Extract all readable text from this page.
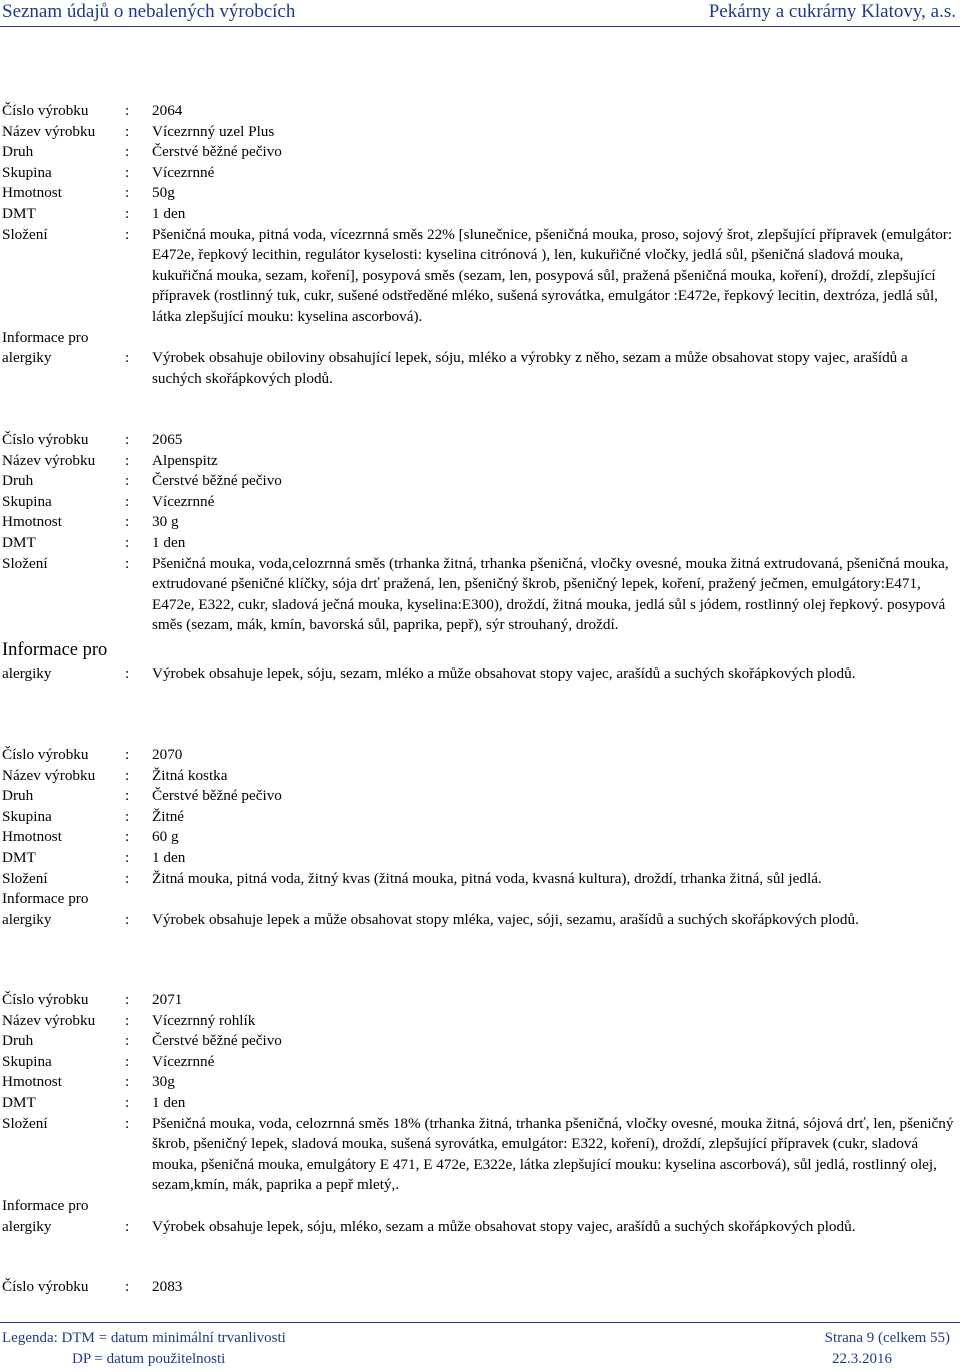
Seznam údajů o nebalených výrobcích	Pekárny a cukrárny Klatovy, a.s.
Číslo výrobku : 2064
Název výrobku : Vícezrnný uzel Plus
Druh	: Čerstvé běžné pečivo
Skupina	: Vícezrnné
Hmotnost	: 50g
DMT	: 1 den
Složení	: Pšeničná mouka, pitná voda, vícezrnná směs 22% [slunečnice, pšeničná mouka, proso, sojový šrot, zlepšující přípravek (emulgátor: E472e, řepkový lecithin, regulátor kyselosti: kyselina citrónová ), len, kukuřičné vločky, jedlá sůl, pšeničná sladová mouka, kukuřičná mouka, sezam, koření], posypová směs (sezam, len, posypová sůl, pražená pšeničná mouka, koření), droždí, zlepšující přípravek (rostlinný tuk, cukr, sušené odstředěné mléko, sušená syrovátka, emulgátor :E472e, řepkový lecitin, dextróza, jedlá sůl, látka zlepšující mouku: kyselina ascorbová).
Informace pro

alergiky	: Výrobek obsahuje obiloviny obsahující lepek, sóju, mléko a výrobky z něho, sezam a může obsahovat stopy vajec, arašídů a suchých skořápkových plodů.
Číslo výrobku : 2065
Název výrobku : Alpenspitz
Druh	: Čerstvé běžné pečivo
Skupina	: Vícezrnné
Hmotnost	: 30 g
DMT	: 1 den
Složení	: Pšeničná mouka, voda,celozrnná směs (trhanka žitná, trhanka pšeničná, vločky ovesné, mouka žitná extrudovaná, pšeničná mouka, extrudované pšeničné klíčky, sója drť pražená, len, pšeničný škrob, pšeničný lepek, koření, pražený ječmen, emulgátory:E471, E472e, E322, cukr, sladová ječná mouka, kyselina:E300), droždí, žitná mouka, jedlá sůl s jódem, rostlinný olej řepkový. posypová směs (sezam, mák, kmín, bavorská sůl, paprika, pepř), sýr strouhaný, droždí.
Informace pro
alergiky	: Výrobek obsahuje lepek, sóju, sezam, mléko a může obsahovat stopy vajec, arašídů a suchých skořápkových plodů.
Číslo výrobku : 2070
Název výrobku : Žitná kostka
Druh	: Čerstvé běžné pečivo
Skupina	: Žitné
Hmotnost	: 60 g
DMT	: 1 den
Složení	: Žitná mouka, pitná voda, žitný kvas (žitná mouka, pitná voda, kvasná kultura), droždí, trhanka žitná, sůl jedlá.
Informace pro

alergiky	: Výrobek obsahuje lepek a může obsahovat stopy mléka, vajec, sóji, sezamu, arašídů a suchých skořápkových plodů.
Číslo výrobku : 2071
Název výrobku : Vícezrnný rohlík
Druh	: Čerstvé běžné pečivo
Skupina	: Vícezrnné
Hmotnost	: 30g
DMT	: 1 den
Složení	: Pšeničná mouka, voda, celozrnná směs 18% (trhanka žitná, trhanka pšeničná, vločky ovesné, mouka žitná, sójová drť, len, pšeničný škrob, pšeničný lepek, sladová mouka, sušená syrovátka, emulgátor: E322, koření), droždí, zlepšující přípravek (cukr, sladová mouka, pšeničná mouka, emulgátory E 471, E 472e, E322e, látka zlepšující mouku: kyselina ascorbová), sůl jedlá, rostlinný olej, sezam,kmín, mák, paprika a pepř mletý,.
Informace pro

alergiky	: Výrobek obsahuje lepek, sóju, mléko, sezam a může obsahovat stopy vajec, arašídů a suchých skořápkových plodů.
Číslo výrobku : 2083
Legenda: DTM = datum minimální trvanlivosti
DP = datum použitelnosti
Strana 9 (celkem 55)
22.3.2016
